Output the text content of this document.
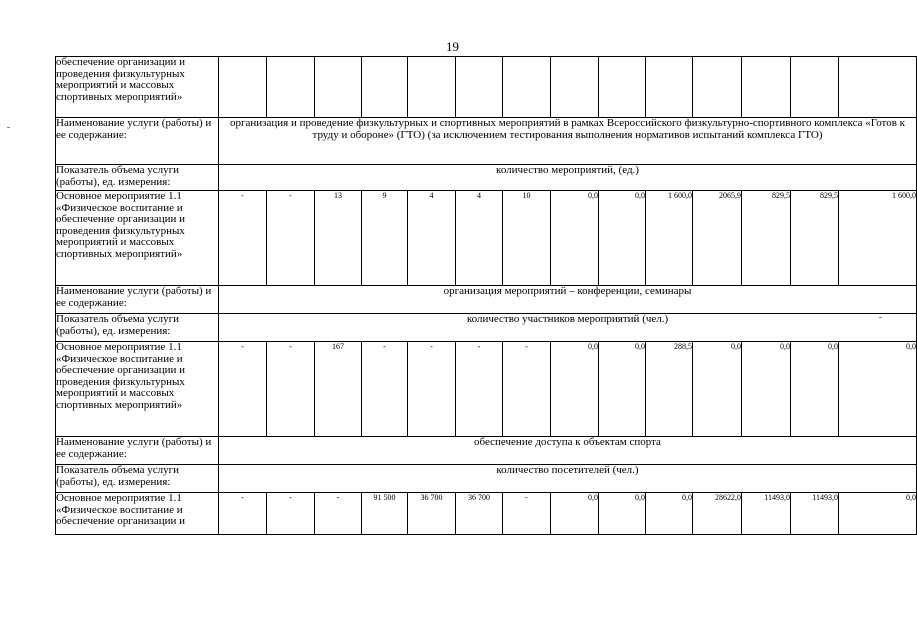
19
обеспечение организации и проведения физкультурных мероприятий и массовых спортивных мероприятий»														
Наименование услуги (работы) и ее содержание:	организация и проведение физкультурных и спортивных мероприятий в рамках Всероссийского физкультурно-спортивного комплекса «Готов к труду и обороне» (ГТО) (за исключением тестирования выполнения нормативов испытаний комплекса ГТО)													
Показатель объема услуги (работы), ед. измерения:	количество мероприятий, (ед.)													
Основное мероприятие 1.1 «Физическое воспитание и обеспечение организации и проведения физкультурных мероприятий и массовых спортивных мероприятий»	-	-	13	9	4	4	10	0,0	0,0	1 600,0	2065,9	829,5	829,5	1 600,0
Наименование услуги (работы) и ее содержание:	организация мероприятий – конференции, семинары													
Показатель объема услуги (работы), ед. измерения:	количество участников мероприятий (чел.)													
Основное мероприятие 1.1 «Физическое воспитание и обеспечение организации и проведения физкультурных мероприятий и массовых спортивных мероприятий»	-	-	167	-	-	-	-	0,0	0,0	288,5	0,0	0,0	0,0	0,0
Наименование услуги (работы) и ее содержание:	обеспечение доступа к объектам спорта													
Показатель объема услуги (работы), ед. измерения:	количество посетителей (чел.)													
Основное мероприятие 1.1 «Физическое воспитание и обеспечение организации и	-	-	-	91 500	36 700	36 700	-	0,0	0,0	0,0	28622,0	11493,0	11493,0	0,0
